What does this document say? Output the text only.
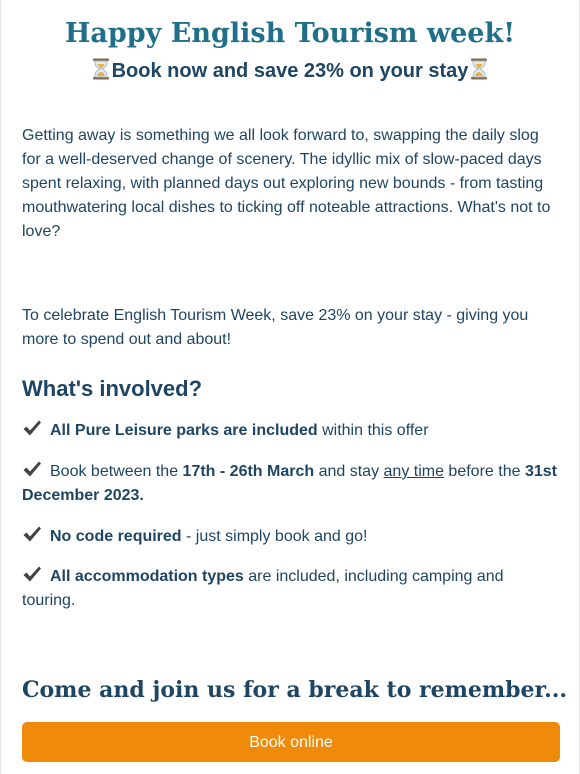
Happy English Tourism week!
Book now and save 23% on your stay

Getting away is something we all look forward to, swapping the daily slog for a well-deserved change of scenery. The idyllic mix of slow-paced days spent relaxing, with planned days out exploring new bounds - from tasting mouthwatering local dishes to ticking off noteable attractions. What's not to love?

To celebrate English Tourism Week, save 23% on your stay - giving you more to spend out and about!

What's involved?

All Pure Leisure parks are included within this offer

Book between the 17th - 26th March and stay any time before the 31st December 2023.

No code required - just simply book and go!

All accommodation types are included, including camping and touring.

Come and join us for a break to remember...
Book online
